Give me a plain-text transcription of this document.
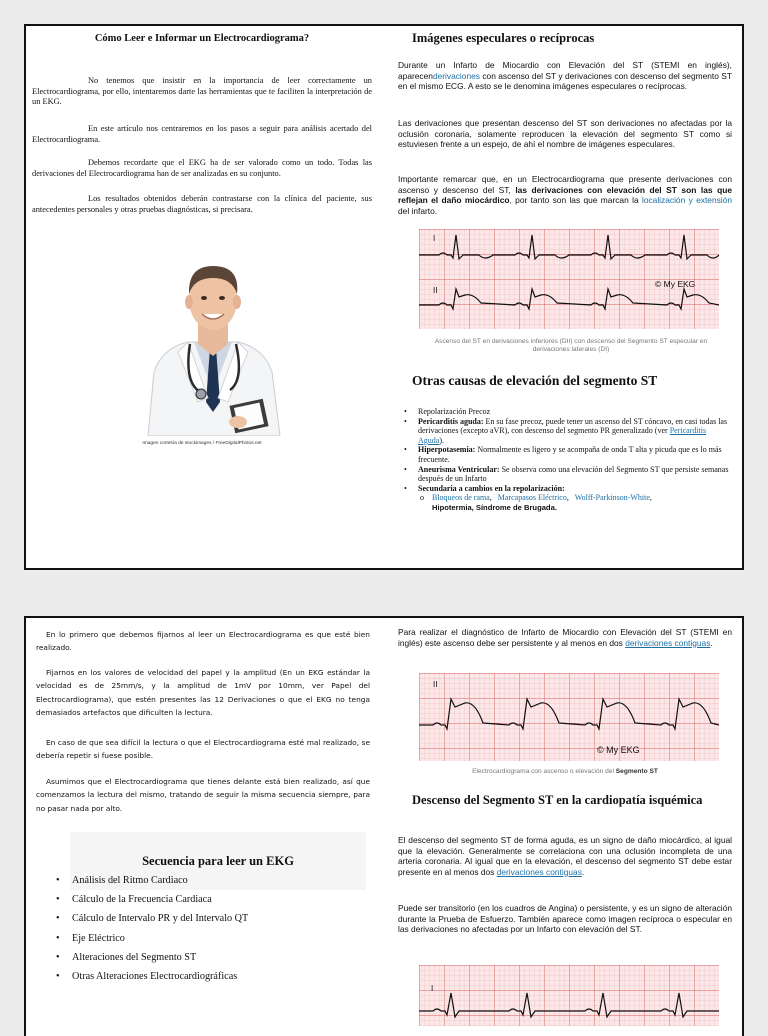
Cómo Leer e Informar un Electrocardiograma?

No tenemos que insistir en la importancia de leer correctamente un Electrocardiograma, por ello, intentaremos darte las herramientas que te faciliten la interpretación de un EKG.

En este artículo nos centraremos en los pasos a seguir para análisis acertado del Electrocardiograma.

Debemos recordarte que el EKG ha de ser valorado como un todo. Todas las derivaciones del Electrocardiograma han de ser analizadas en su conjunto.

Los resultados obtenidos deberán contrastarse con la clínica del paciente, sus antecedentes personales y otras pruebas diagnósticas, si precisara.

Imagen cortesía de stockimages / FreeDigitalPhotos.net

Imágenes especulares o recíprocas

Durante un Infarto de Miocardio con Elevación del ST (STEMI en inglés), aparecenderivaciones con ascenso del ST y derivaciones con descenso del segmento ST en el mismo ECG. A esto se le denomina imágenes especulares o recíprocas.

Las derivaciones que presentan descenso del ST son derivaciones no afectadas por la oclusión coronaria, solamente reproducen la elevación del segmento ST como si estuviesen frente a un espejo, de ahí el nombre de imágenes especulares.

Importante remarcar que, en un Electrocardiograma que presente derivaciones con ascenso y descenso del ST, las derivaciones con elevación del ST son las que reflejan el daño miocárdico, por tanto son las que marcan la localización y extensión del infarto.

I
II
© My EKG

Ascenso del ST en derivaciones inferiores (DII) con descenso del Segmento ST especular en derivaciones laterales (DI)

Otras causas de elevación del segmento ST
• Repolarización Precoz
• Pericarditis aguda: En su fase precoz, puede tener un ascenso del ST cóncavo, en casi todas las derivaciones (excepto aVR), con descenso del segmento PR generalizado (ver Pericarditis Aguda).
• Hiperpotasemia: Normalmente es ligero y se acompaña de onda T alta y picuda que es lo más frecuente.
• Aneurisma Ventricular: Se observa como una elevación del Segmento ST que persiste semanas después de un Infarto
• Secundaria a cambios en la repolarización:
o Bloqueos de rama,   Marcapasos Eléctrico,   Wolff-Parkinson-White,
Hipotermia, Síndrome de Brugada.

En lo primero que debemos fijarnos al leer un Electrocardiograma es que esté bien realizado.

Fijarnos en los valores de velocidad del papel y la amplitud (En un EKG estándar la velocidad es de 25mm/s, y la amplitud de 1mV por 10mm, ver Papel del Electrocardiograma), que estén presentes las 12 Derivaciones o que el EKG no tenga demasiados artefactos que dificulten la lectura.

En caso de que sea difícil la lectura o que el Electrocardiograma esté mal realizado, se debería repetir si fuese posible.

Asumimos que el Electrocardiograma que tienes delante está bien realizado, así que comenzamos la lectura del mismo, tratando de seguir la misma secuencia siempre, para no pasar nada por alto.

Secuencia para leer un EKG
• Análisis del Ritmo Cardiaco
• Cálculo de la Frecuencia Cardiaca
• Cálculo de Intervalo PR y del Intervalo QT
• Eje Eléctrico
• Alteraciones del Segmento ST
• Otras Alteraciones Electrocardiográficas

Para realizar el diagnóstico de Infarto de Miocardio con Elevación del ST (STEMI en inglés) este ascenso debe ser persistente y al menos en dos derivaciones contiguas.

II
© My EKG

Electrocardiograma con ascenso o elevación del Segmento ST

Descenso del Segmento ST en la cardiopatía isquémica

El descenso del segmento ST de forma aguda, es un signo de daño miocárdico, al igual que la elevación. Generalmente se correlaciona con una oclusión incompleta de una arteria coronaria. Al igual que en la elevación, el descenso del segmento ST debe estar presente en al menos dos derivaciones contiguas.

Puede ser transitorio (en los cuadros de Angina) o persistente, y es un signo de alteración durante la Prueba de Esfuerzo. También aparece como imagen recíproca o especular en las derivaciones no afectadas por un Infarto con elevación del ST.

I
